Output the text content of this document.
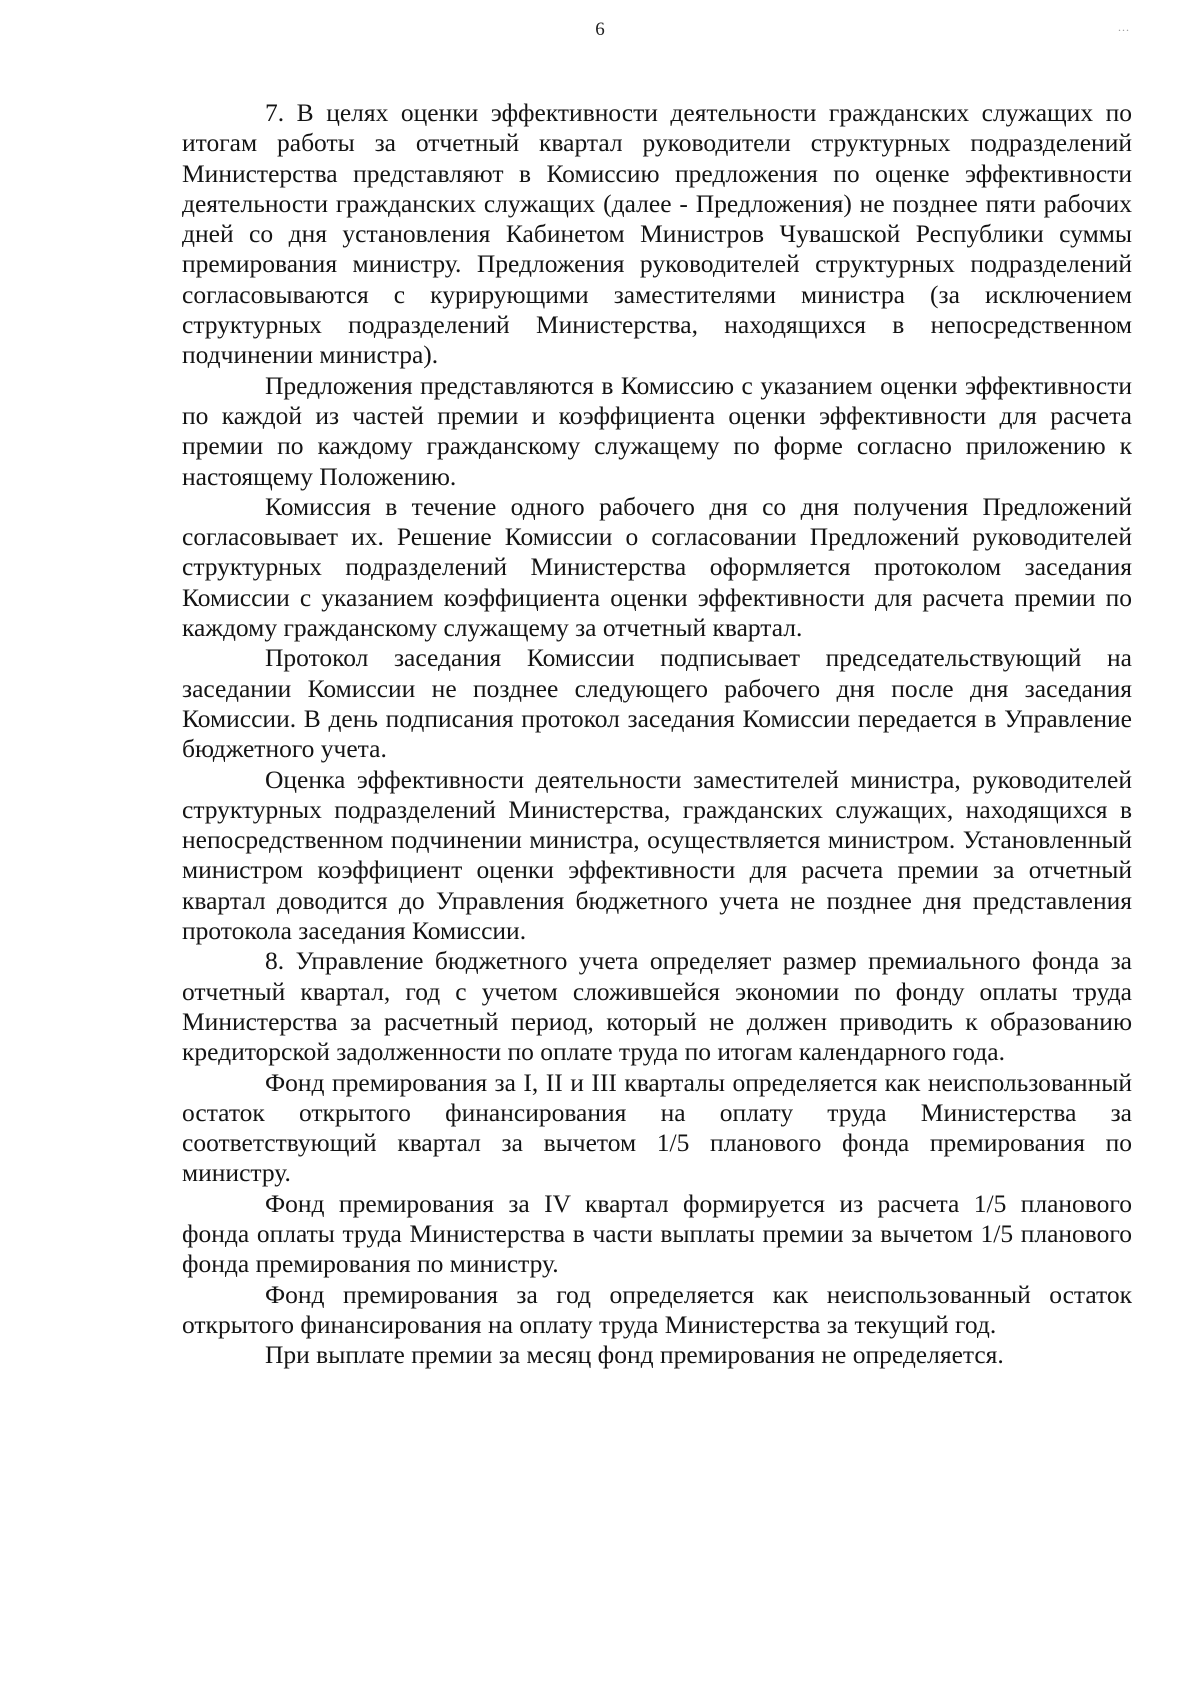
6	...

7. В целях оценки эффективности деятельности гражданских служащих по итогам работы за отчетный квартал руководители структурных подразделений Министерства представляют в Комиссию предложения по оценке эффективности деятельности гражданских служащих (далее - Предложения) не позднее пяти рабочих дней со дня установления Кабинетом Министров Чувашской Республики суммы премирования министру. Предложения руководителей структурных подразделений согласовываются с курирующими заместителями министра (за исключением структурных подразделений Министерства, находящихся в непосредственном подчинении министра).

Предложения представляются в Комиссию с указанием оценки эффективности по каждой из частей премии и коэффициента оценки эффективности для расчета премии по каждому гражданскому служащему по форме согласно приложению к настоящему Положению.

Комиссия в течение одного рабочего дня со дня получения Предложений согласовывает их. Решение Комиссии о согласовании Предложений руководителей структурных подразделений Министерства оформляется протоколом заседания Комиссии с указанием коэффициента оценки эффективности для расчета премии по каждому гражданскому служащему за отчетный квартал.

Протокол заседания Комиссии подписывает председательствующий на заседании Комиссии не позднее следующего рабочего дня после дня заседания Комиссии. В день подписания протокол заседания Комиссии передается в Управление бюджетного учета.

Оценка эффективности деятельности заместителей министра, руководителей структурных подразделений Министерства, гражданских служащих, находящихся в непосредственном подчинении министра, осуществляется министром. Установленный министром коэффициент оценки эффективности для расчета премии за отчетный квартал доводится до Управления бюджетного учета не позднее дня представления протокола заседания Комиссии.

8. Управление бюджетного учета определяет размер премиального фонда за отчетный квартал, год с учетом сложившейся экономии по фонду оплаты труда Министерства за расчетный период, который не должен приводить к образованию кредиторской задолженности по оплате труда по итогам календарного года.

Фонд премирования за I, II и III кварталы определяется как неиспользованный остаток открытого финансирования на оплату труда Министерства за соответствующий квартал за вычетом 1/5 планового фонда премирования по министру.

Фонд премирования за IV квартал формируется из расчета 1/5 планового фонда оплаты труда Министерства в части выплаты премии за вычетом 1/5 планового фонда премирования по министру.

Фонд премирования за год определяется как неиспользованный остаток открытого финансирования на оплату труда Министерства за текущий год.

При выплате премии за месяц фонд премирования не определяется.
